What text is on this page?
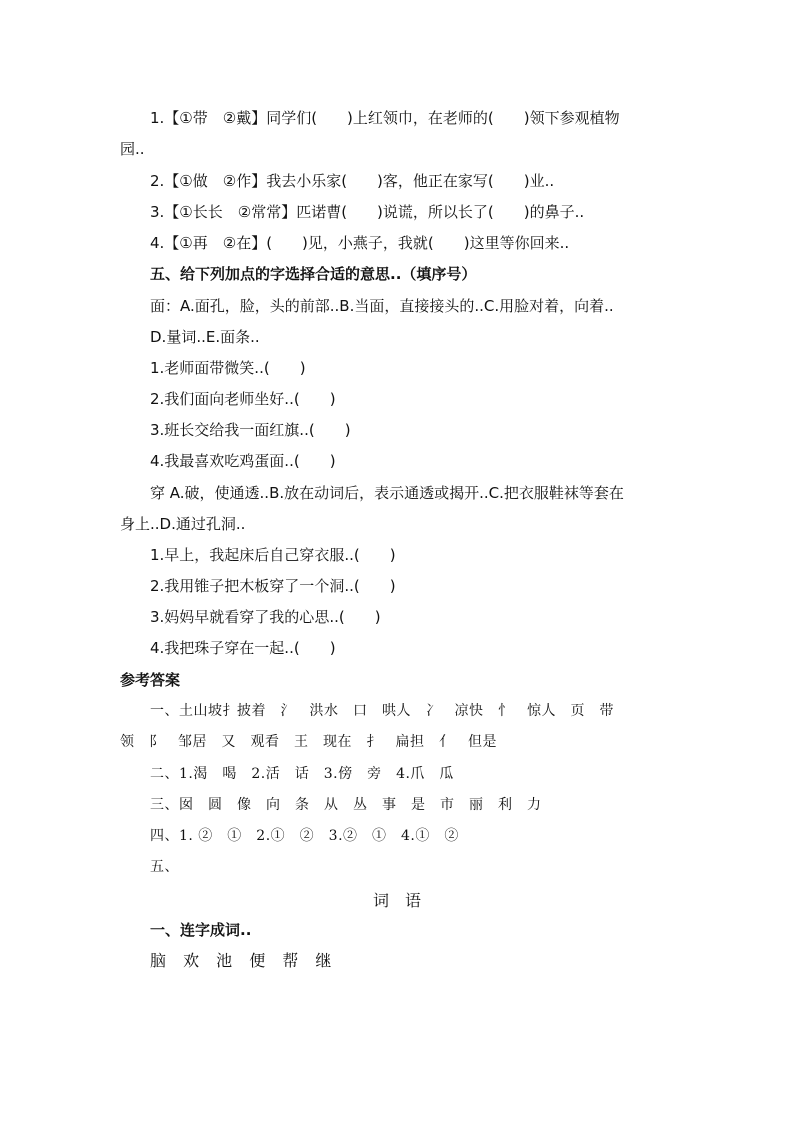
1.【①带　②戴】同学们(　　)上红领巾，在老师的(　　)领下参观植物
园..
2.【①做　②作】我去小乐家(　　)客，他正在家写(　　)业..
3.【①长长　②常常】匹诺曹(　　)说谎，所以长了(　　)的鼻子..
4.【①再　②在】(　　)见，小燕子，我就(　　)这里等你回来..
五、给下列加点的字选择合适的意思..（填序号）
面：A.面孔，脸，头的前部..B.当面，直接接头的..C.用脸对着，向着..
D.量词..E.面条..
1.老师面带微笑..(　　)
2.我们面向老师坐好..(　　)
3.班长交给我一面红旗..(　　)
4.我最喜欢吃鸡蛋面..(　　)
穿 A.破，使通透..B.放在动词后，表示通透或揭开..C.把衣服鞋袜等套在
身上..D.通过孔洞..
1.早上，我起床后自己穿衣服..(　　)
2.我用锥子把木板穿了一个洞..(　　)
3.妈妈早就看穿了我的心思..(　　)
4.我把珠子穿在一起..(　　)
参考答案
一、土山坡扌披着　氵　洪水　口　哄人　冫　凉快　忄　惊人　页　带
领　阝　邹居　又　观看　王　现在　扌　扁担　亻　但是
二、1.渴　喝　2.活　话　3.傍　旁　4.爪　瓜
三、囡　圆　像　向　条　从　丛　事　是　市　丽　利　力
四、1. ②　①　2.①　②　3.②　①　4.①　②
五、
词　语
一、连字成词..
脑 欢 池 便 帮 继
